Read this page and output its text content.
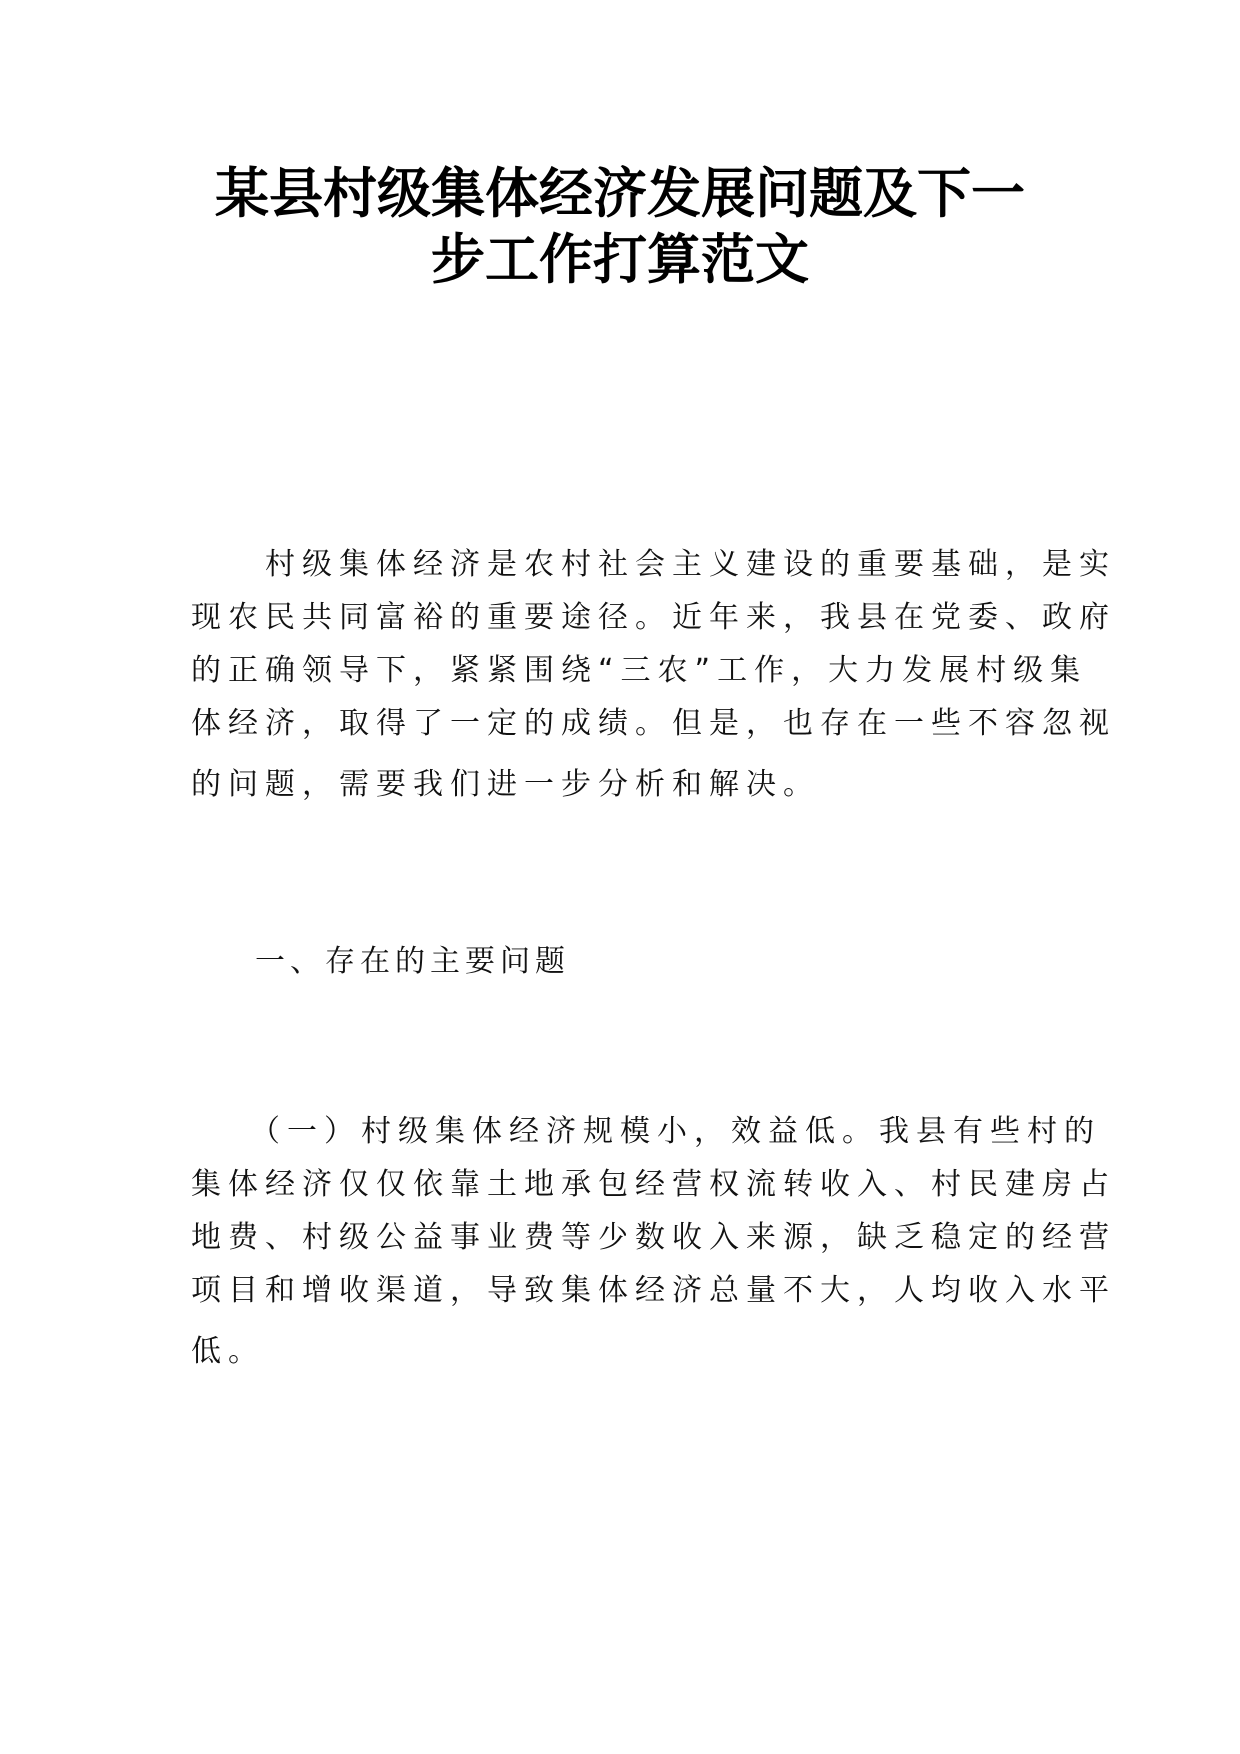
某县村级集体经济发展问题及下一
步工作打算范文
　　村级集体经济是农村社会主义建设的重要基础，是实
现农民共同富裕的重要途径。近年来，我县在党委、政府
的正确领导下，紧紧围绕“三农”工作，大力发展村级集
体经济，取得了一定的成绩。但是，也存在一些不容忽视
的问题，需要我们进一步分析和解决。
一、存在的主要问题
　　（一）村级集体经济规模小，效益低。我县有些村的
集体经济仅仅依靠土地承包经营权流转收入、村民建房占
地费、村级公益事业费等少数收入来源，缺乏稳定的经营
项目和增收渠道，导致集体经济总量不大，人均收入水平
低。
